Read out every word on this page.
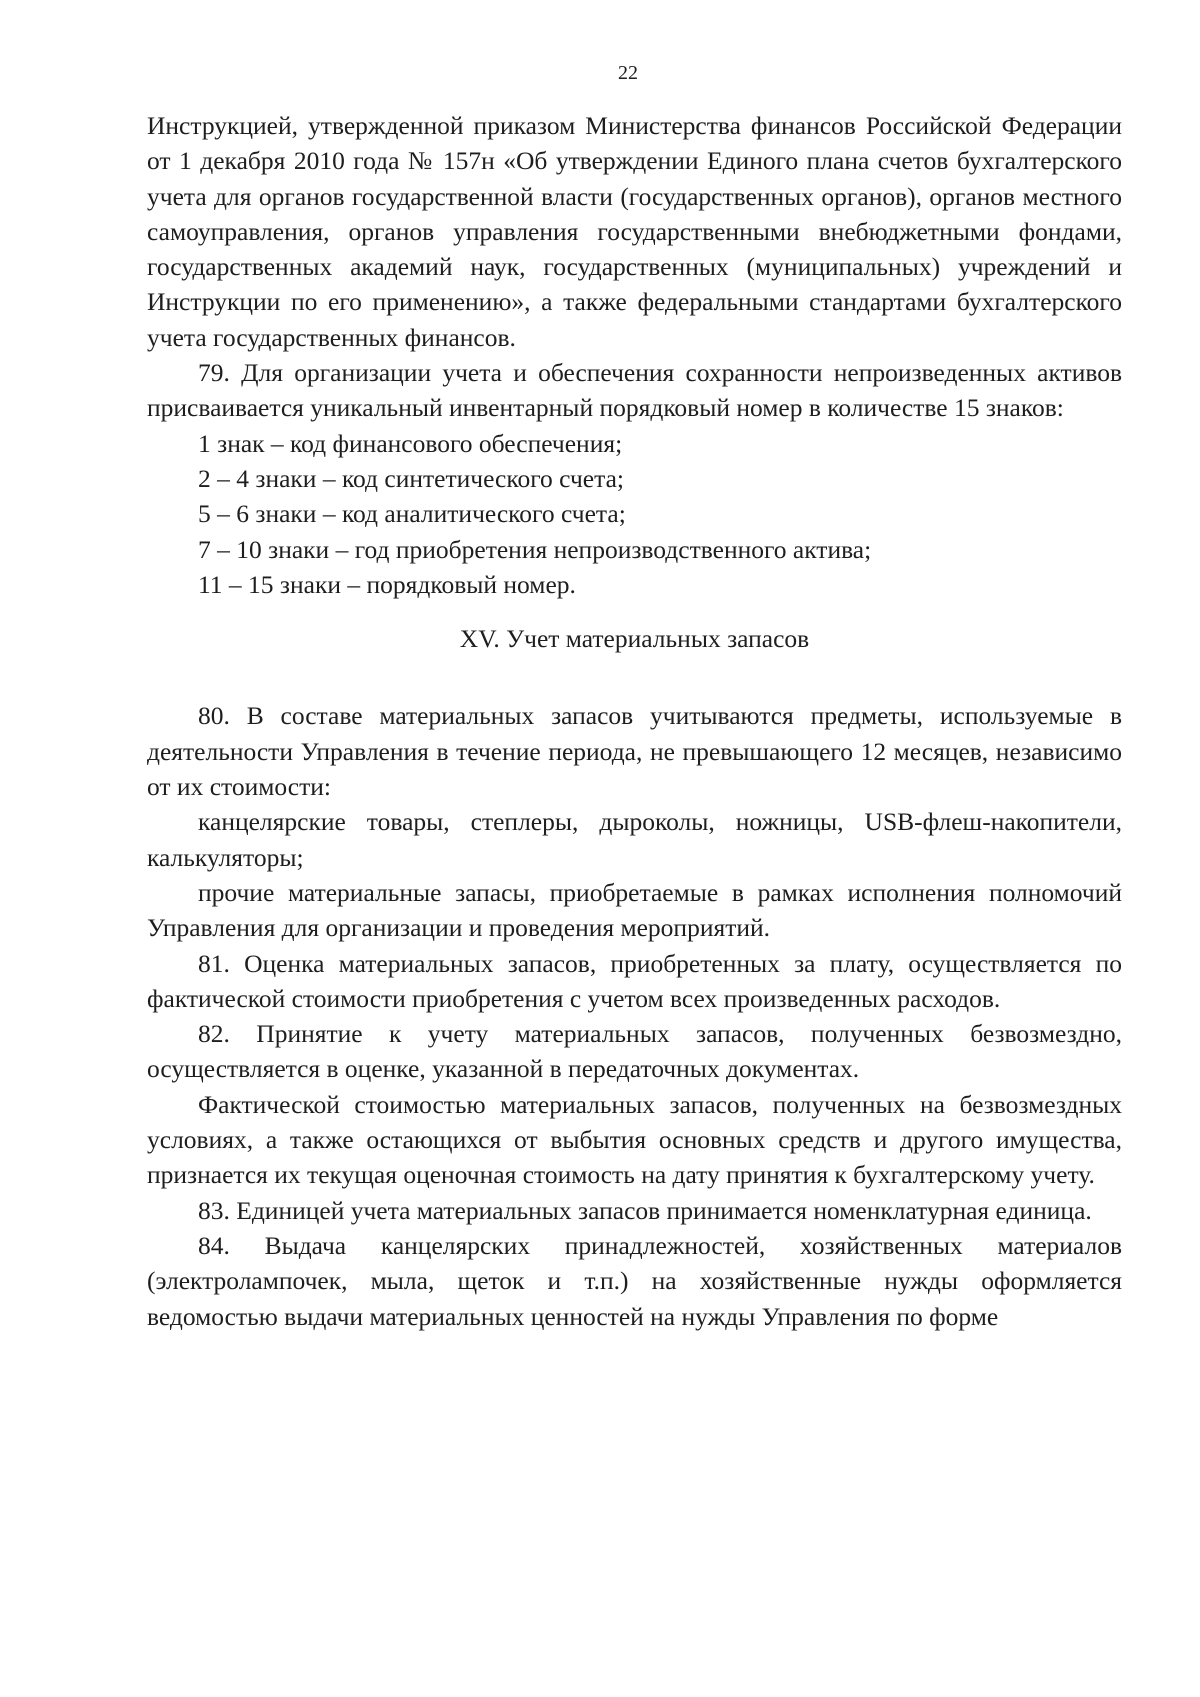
22

Инструкцией, утвержденной приказом Министерства финансов Российской Федерации от 1 декабря 2010 года № 157н «Об утверждении Единого плана счетов бухгалтерского учета для органов государственной власти (государственных органов), органов местного самоуправления, органов управления государственными внебюджетными фондами, государственных академий наук, государственных (муниципальных) учреждений и Инструкции по его применению», а также федеральными стандартами бухгалтерского учета государственных финансов.

79. Для организации учета и обеспечения сохранности непроизведенных активов присваивается уникальный инвентарный порядковый номер в количестве 15 знаков:

1 знак – код финансового обеспечения;

2 – 4 знаки – код синтетического счета;

5 – 6 знаки – код аналитического счета;

7 – 10 знаки – год приобретения непроизводственного актива;

11 – 15 знаки – порядковый номер.

XV. Учет материальных запасов

80. В составе материальных запасов учитываются предметы, используемые в деятельности Управления в течение периода, не превышающего 12 месяцев, независимо от их стоимости:

канцелярские товары, степлеры, дыроколы, ножницы, USB-флеш-накопители, калькуляторы;

прочие материальные запасы, приобретаемые в рамках исполнения полномочий Управления для организации и проведения мероприятий.

81. Оценка материальных запасов, приобретенных за плату, осуществляется по фактической стоимости приобретения с учетом всех произведенных расходов.

82. Принятие к учету материальных запасов, полученных безвозмездно, осуществляется в оценке, указанной в передаточных документах.

Фактической стоимостью материальных запасов, полученных на безвозмездных условиях, а также остающихся от выбытия основных средств и другого имущества, признается их текущая оценочная стоимость на дату принятия к бухгалтерскому учету.

83. Единицей учета материальных запасов принимается номенклатурная единица.

84. Выдача канцелярских принадлежностей, хозяйственных материалов (электролампочек, мыла, щеток и т.п.) на хозяйственные нужды оформляется ведомостью выдачи материальных ценностей на нужды Управления по форме
